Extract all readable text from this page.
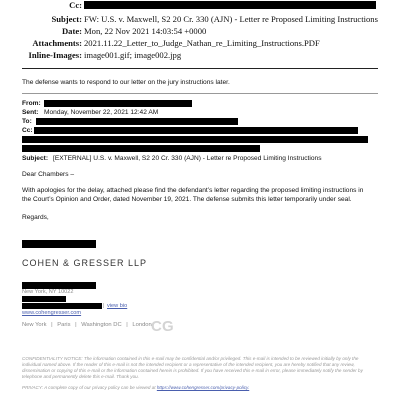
Cc:
Subject: FW: U.S. v. Maxwell, S2 20 Cr. 330 (AJN) - Letter re Proposed Limiting Instructions
Date: Mon, 22 Nov 2021 14:03:54 +0000
Attachments: 2021.11.22_Letter_to_Judge_Nathan_re_Limiting_Instructions.PDF
Inline-Images: image001.gif; image002.jpg
The defense wants to respond to our letter on the jury instructions later.
From:
Sent: Monday, November 22, 2021 12:42 AM
To:
Cc:
Subject: [EXTERNAL] U.S. v. Maxwell, S2 20 Cr. 330 (AJN) - Letter re Proposed Limiting Instructions
Dear Chambers –
With apologies for the delay, attached please find the defendant’s letter regarding the proposed limiting instructions in
the Court’s Opinion and Order, dated November 19, 2021. The defense submits this letter temporarily under seal.
Regards,
COHEN & GRESSER LLP
New York, NY 10022
| view bio
www.cohengresser.com
New York | Paris | Washington DC | London C G
CONFIDENTIALITY NOTICE: The information contained in this e-mail may be confidential and/or privileged. This e-mail is intended to be reviewed initially by only the individual named above. If the reader of this e-mail is not the intended recipient or a representative of the intended recipient, you are hereby notified that any review, dissemination or copying of this e-mail or the information contained herein is prohibited. If you have received this e-mail in error, please immediately notify the sender by telephone and permanently delete this e-mail. Thank you.
PRIVACY: A complete copy of our privacy policy can be viewed at https://www.cohengresser.com/privacy-policy.
